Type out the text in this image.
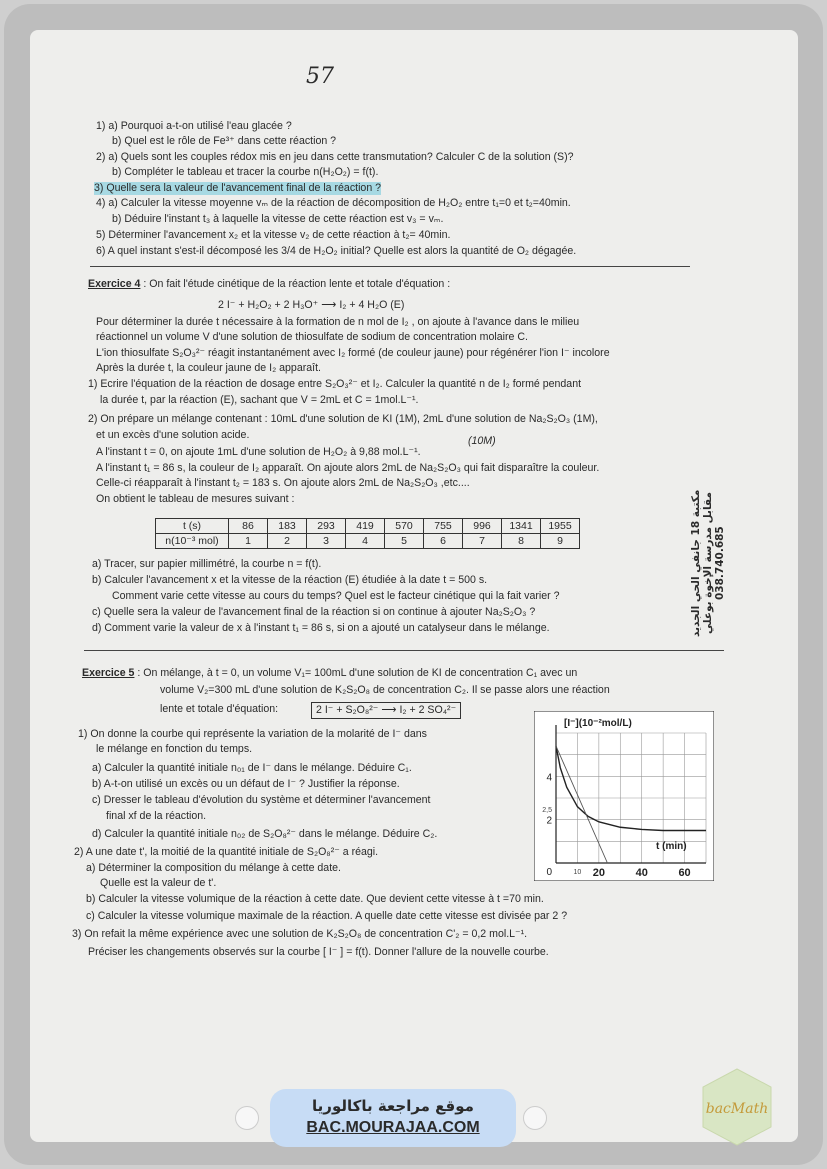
57
1) a) Pourquoi a-t-on utilisé l'eau glacée ?
b) Quel est le rôle de Fe³⁺ dans cette réaction ?
2) a) Quels sont les couples rédox mis en jeu dans cette transmutation? Calculer C de la solution (S)?
b) Compléter le tableau et tracer la courbe n(H₂O₂) = f(t).
3) Quelle sera la valeur de l'avancement final de la réaction ?
4) a) Calculer la vitesse moyenne vₘ de la réaction de décomposition de H₂O₂ entre t₁=0 et t₂=40min.
b) Déduire l'instant t₃ à laquelle la vitesse de cette réaction est v₃ = vₘ.
5) Déterminer l'avancement x₂ et la vitesse v₂ de cette réaction à t₂= 40min.
6) A quel instant s'est-il décomposé les 3/4 de H₂O₂ initial? Quelle est alors la quantité de O₂ dégagée.
Exercice 4 : On fait l'étude cinétique de la réaction lente et totale d'équation :
2 I⁻ + H₂O₂ + 2 H₃O⁺ ⟶ I₂ + 4 H₂O (E)
Pour déterminer la durée t nécessaire à la formation de n mol de I₂ , on ajoute à l'avance dans le milieu
réactionnel un volume V d'une solution de thiosulfate de sodium de concentration molaire C.
L'ion thiosulfate S₂O₃²⁻ réagit instantanément avec I₂ formé (de couleur jaune) pour régénérer l'ion I⁻ incolore
Après la durée t, la couleur jaune de I₂ apparaît.
1) Ecrire l'équation de la réaction de dosage entre S₂O₃²⁻ et I₂. Calculer la quantité n de I₂ formé pendant
la durée t, par la réaction (E), sachant que V = 2mL et C = 1mol.L⁻¹.
2) On prépare un mélange contenant : 10mL d'une solution de KI (1M), 2mL d'une solution de Na₂S₂O₃ (1M),
et un excès d'une solution acide.	(10M)
A l'instant t = 0, on ajoute 1mL d'une solution de H₂O₂ à 9,88 mol.L⁻¹.
A l'instant t₁ = 86 s, la couleur de I₂ apparaît. On ajoute alors 2mL de Na₂S₂O₃ qui fait disparaître la couleur.
Celle-ci réapparaît à l'instant t₂ = 183 s. On ajoute alors 2mL de Na₂S₂O₃ ,etc....
On obtient le tableau de mesures suivant :
t (s)	86	183	293	419	570	755	996	1341	1955
n(10⁻³ mol)	1	2	3	4	5	6	7	8	9	مكتبة 18 جانفي الحي الجديد مقابل مدرسة الإخوة بوعلي 038.740.685
a) Tracer, sur papier millimétré, la courbe n = f(t).
b) Calculer l'avancement x et la vitesse de la réaction (E) étudiée à la date t = 500 s.
Comment varie cette vitesse au cours du temps? Quel est le facteur cinétique qui la fait varier ?
c) Quelle sera la valeur de l'avancement final de la réaction si on continue à ajouter Na₂S₂O₃ ?
d) Comment varie la valeur de x à l'instant t₁ = 86 s, si on a ajouté un catalyseur dans le mélange.
Exercice 5 : On mélange, à t = 0, un volume V₁= 100mL d'une solution de KI de concentration C₁ avec un
volume V₂=300 mL d'une solution de K₂S₂O₈ de concentration C₂. Il se passe alors une réaction
lente et totale d'équation:	2 I⁻ + S₂O₈²⁻ ⟶ I₂ + 2 SO₄²⁻
1) On donne la courbe qui représente la variation de la molarité de I⁻ dans
le mélange en fonction du temps.
a) Calculer la quantité initiale n₀₁ de I⁻ dans le mélange. Déduire C₁.
b) A-t-on utilisé un excès ou un défaut de I⁻ ? Justifier la réponse.
c) Dresser le tableau d'évolution du système et déterminer l'avancement
final xf de la réaction.
d) Calculer la quantité initiale n₀₂ de S₂O₈²⁻ dans le mélange. Déduire C₂.
2) A une date t', la moitié de la quantité initiale de S₂O₈²⁻ a réagi.
a) Déterminer la composition du mélange à cette date.
Quelle est la valeur de t'.
b) Calculer la vitesse volumique de la réaction à cette date. Que devient cette vitesse à t =70 min.
c) Calculer la vitesse volumique maximale de la réaction. A quelle date cette vitesse est divisée par 2 ?
3) On refait la même expérience avec une solution de K₂S₂O₈ de concentration C'₂ = 0,2 mol.L⁻¹.
Préciser les changements observés sur la courbe [ I⁻ ] = f(t). Donner l'allure de la nouvelle courbe.
2
4
2,5
20	40	60
10
0
[I⁻](10⁻²mol/L)
t (min)
موقع مراجعة باكالوريا
BAC.MOURAJAA.COM
bacMath
